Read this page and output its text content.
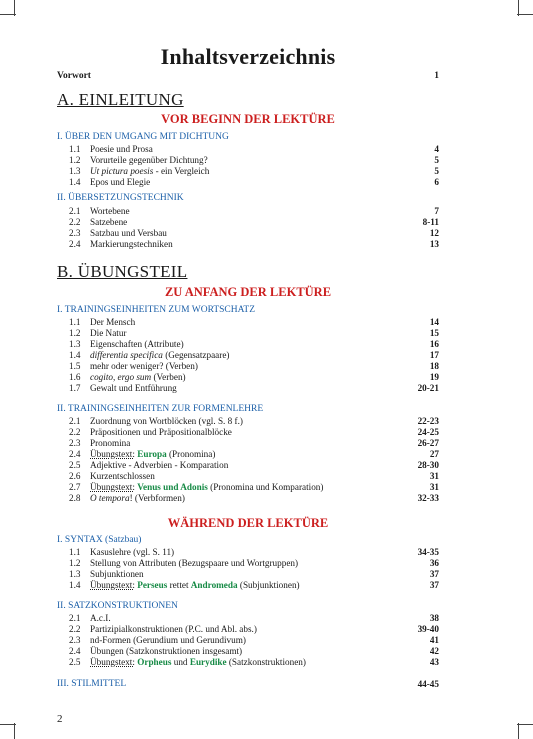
Inhaltsverzeichnis
Vorwort	1
A. EINLEITUNG
VOR BEGINN DER LEKTÜRE
I. ÜBER DEN UMGANG MIT DICHTUNG
1.1 Poesie und Prosa	4
1.2 Vorurteile gegenüber Dichtung?	5
1.3 Ut pictura poesis - ein Vergleich	5
1.4 Epos und Elegie	6
II. ÜBERSETZUNGSTECHNIK
2.1 Wortebene	7
2.2 Satzebene	8-11
2.3 Satzbau und Versbau	12
2.4 Markierungstechniken	13
B. ÜBUNGSTEIL
ZU ANFANG DER LEKTÜRE
I. TRAININGSEINHEITEN ZUM WORTSCHATZ
1.1 Der Mensch	14
1.2 Die Natur	15
1.3 Eigenschaften (Attribute)	16
1.4 differentia specifica (Gegensatzpaare)	17
1.5 mehr oder weniger? (Verben)	18
1.6 cogito, ergo sum (Verben)	19
1.7 Gewalt und Entführung	20-21
II. TRAININGSEINHEITEN ZUR FORMENLEHRE
2.1 Zuordnung von Wortblöcken (vgl. S. 8 f.)	22-23
2.2 Präpositionen und Präpositionalblöcke	24-25
2.3 Pronomina	26-27
2.4 Übungstext: Europa (Pronomina)	27
2.5 Adjektive - Adverbien - Komparation	28-30
2.6 Kurzentschlossen	31
2.7 Übungstext: Venus und Adonis (Pronomina und Komparation)	31
2.8 O tempora! (Verbformen)	32-33
WÄHREND DER LEKTÜRE
I. SYNTAX (Satzbau)
1.1 Kasuslehre (vgl. S. 11)	34-35
1.2 Stellung von Attributen (Bezugspaare und Wortgruppen)	36
1.3 Subjunktionen	37
1.4 Übungstext: Perseus rettet Andromeda (Subjunktionen)	37
II. SATZKONSTRUKTIONEN
2.1 A.c.I.	38
2.2 Partizipialkonstruktionen (P.C. und Abl. abs.)	39-40
2.3 nd-Formen (Gerundium und Gerundivum)	41
2.4 Übungen (Satzkonstruktionen insgesamt)	42
2.5 Übungstext: Orpheus und Eurydike (Satzkonstruktionen)	43
III. STILMITTEL	44-45
2
